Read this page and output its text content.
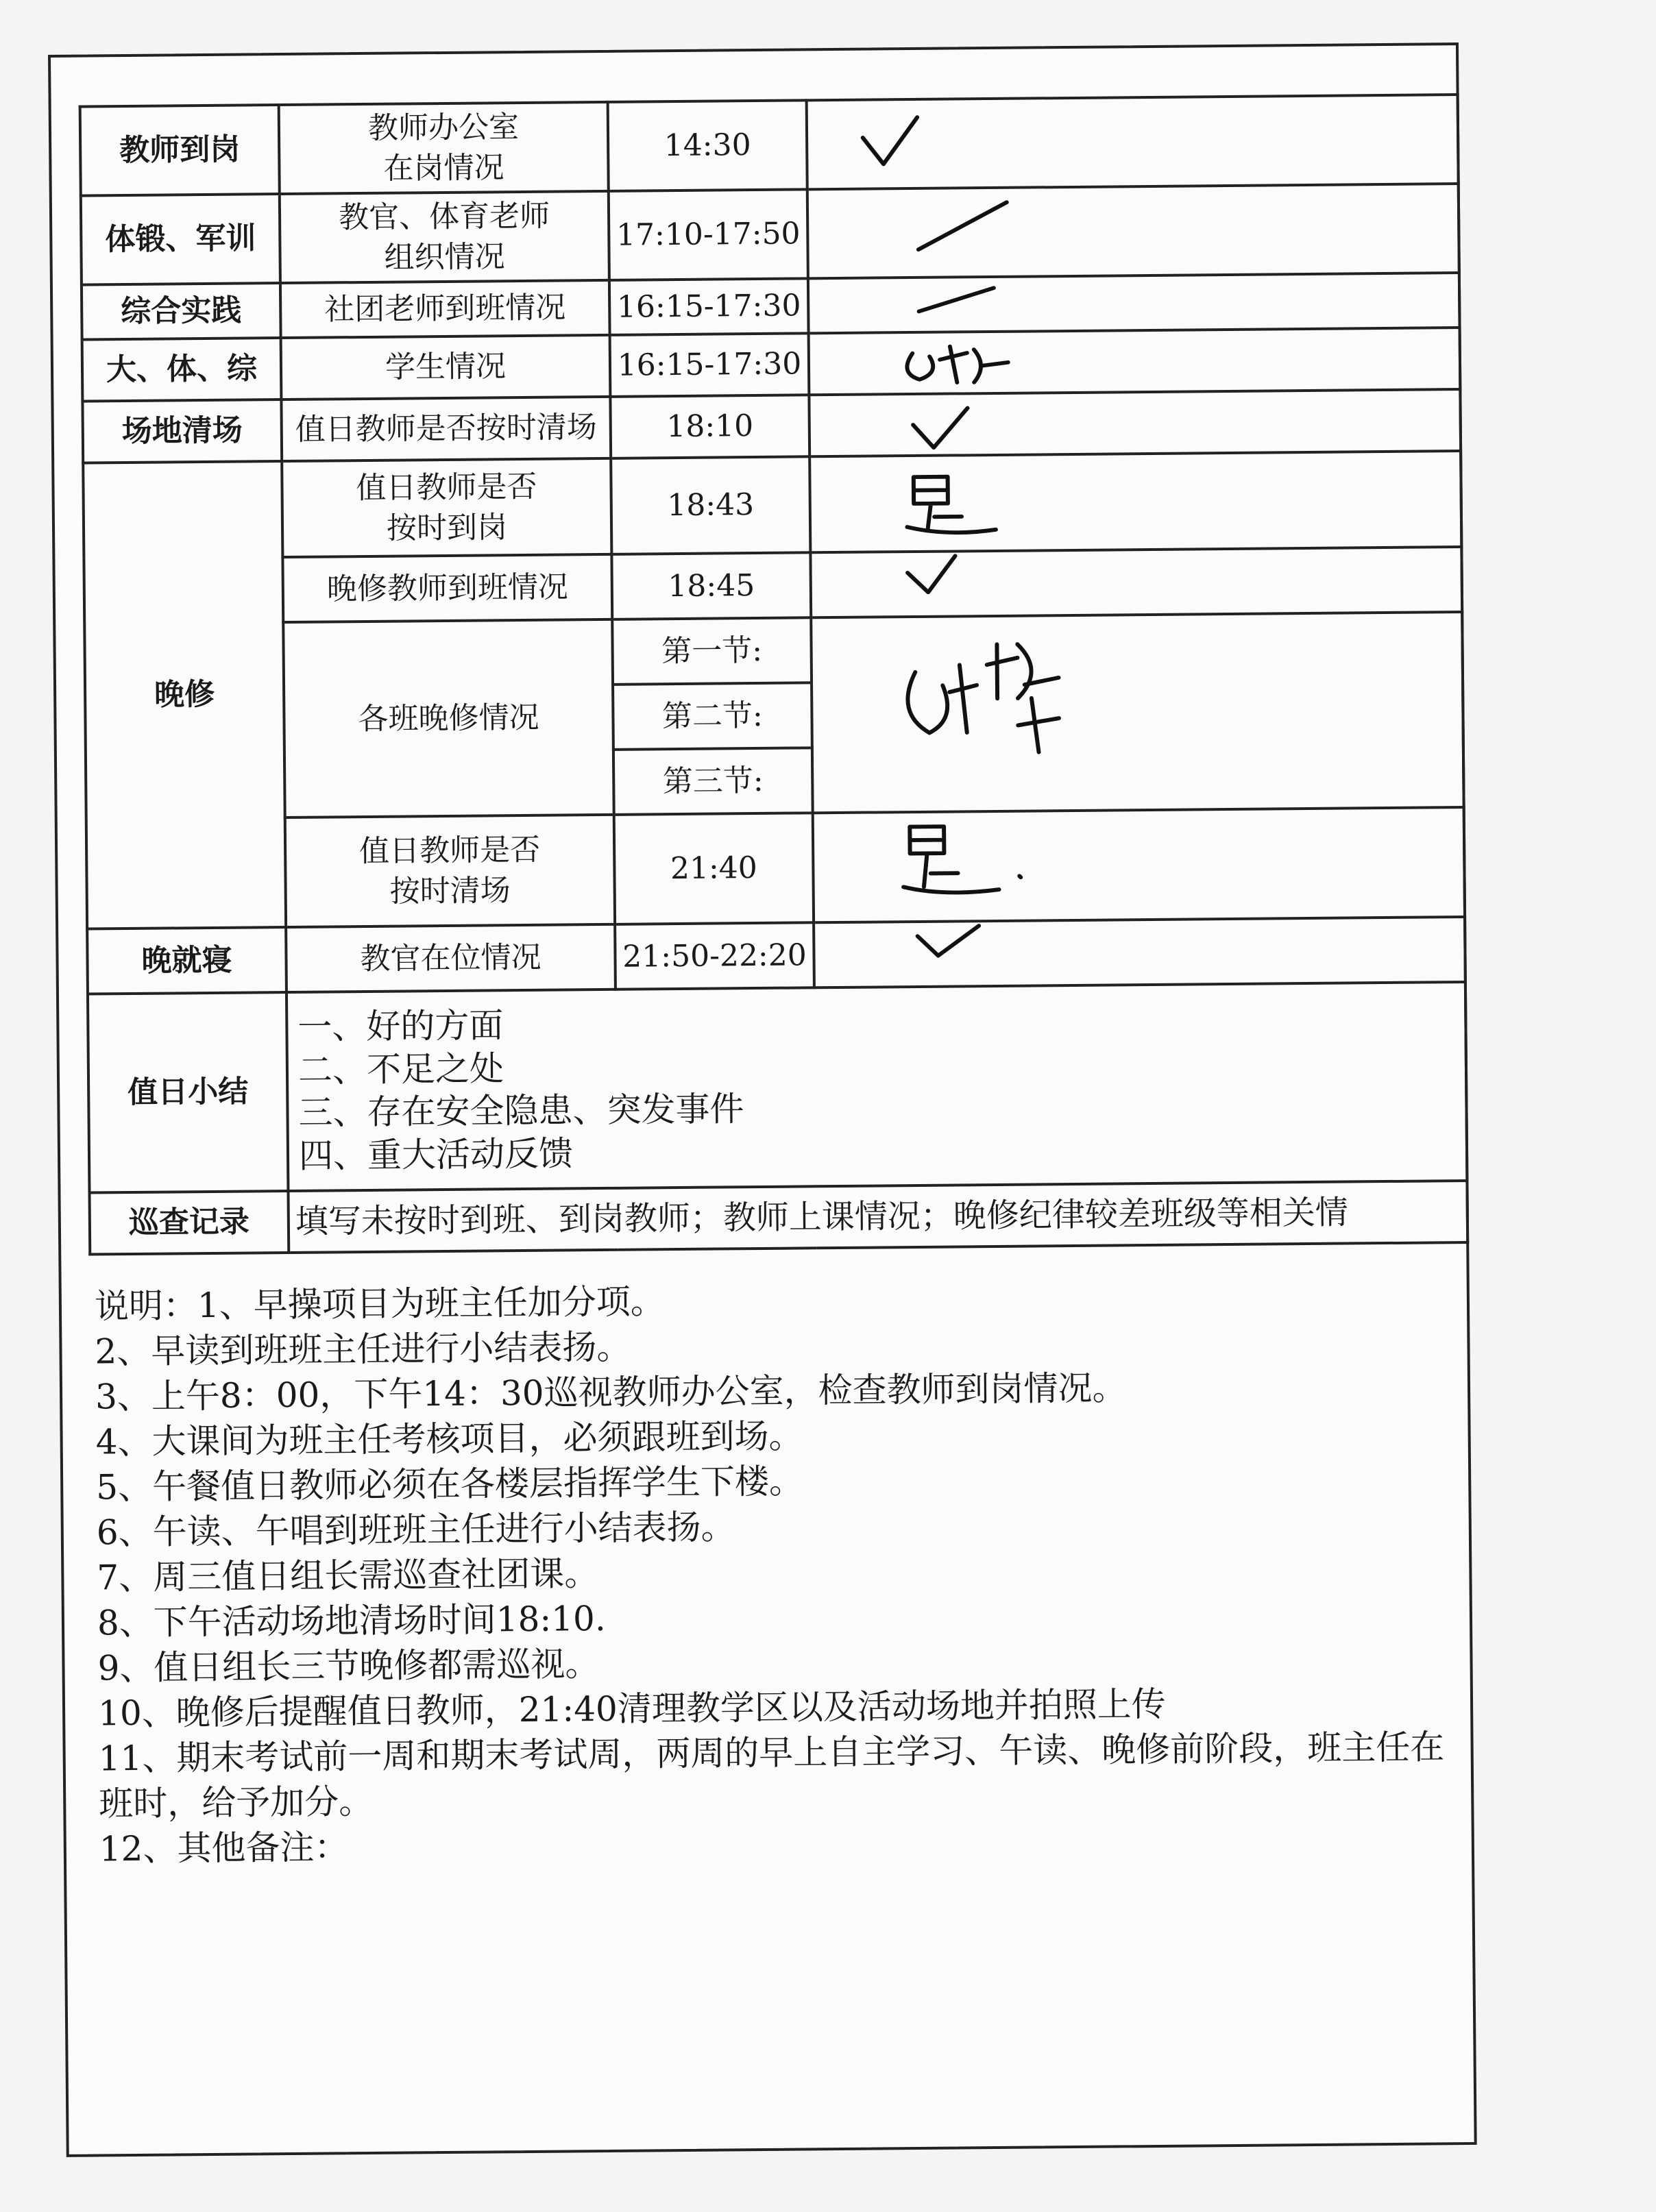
教师到岗	教师办公室
在岗情况	14:30	

体锻、军训	教官、体育老师
组织情况	17:10-17:50	

综合实践	社团老师到班情况	16:15-17:30	

大、体、综	学生情况	16:15-17:30	

场地清场	值日教师是否按时清场	18:10	

晚修	值日教师是否
按时到岗	18:43	

	晚修教师到班情况	18:45	

	各班晚修情况	第一节:	

		第二节:	
		第三节:	
	值日教师是否
按时清场	21:40	

晚就寝	教官在位情况	21:50-22:20	

值日小结	一、好的方面
二、不足之处
三、存在安全隐患、突发事件
四、重大活动反馈		

巡查记录	填写未按时到班、到岗教师；教师上课情况；晚修纪律较差班级等相关情		
说明：1、早操项目为班主任加分项。
2、早读到班班主任进行小结表扬。
3、上午8：00，下午14：30巡视教师办公室，检查教师到岗情况。
4、大课间为班主任考核项目，必须跟班到场。
5、午餐值日教师必须在各楼层指挥学生下楼。
6、午读、午唱到班班主任进行小结表扬。
7、周三值日组长需巡查社团课。
8、下午活动场地清场时间18:10.
9、值日组长三节晚修都需巡视。
10、晚修后提醒值日教师，21:40清理教学区以及活动场地并拍照上传
11、期末考试前一周和期末考试周，两周的早上自主学习、午读、晚修前阶段，班主任在班时，给予加分。
12、其他备注：
